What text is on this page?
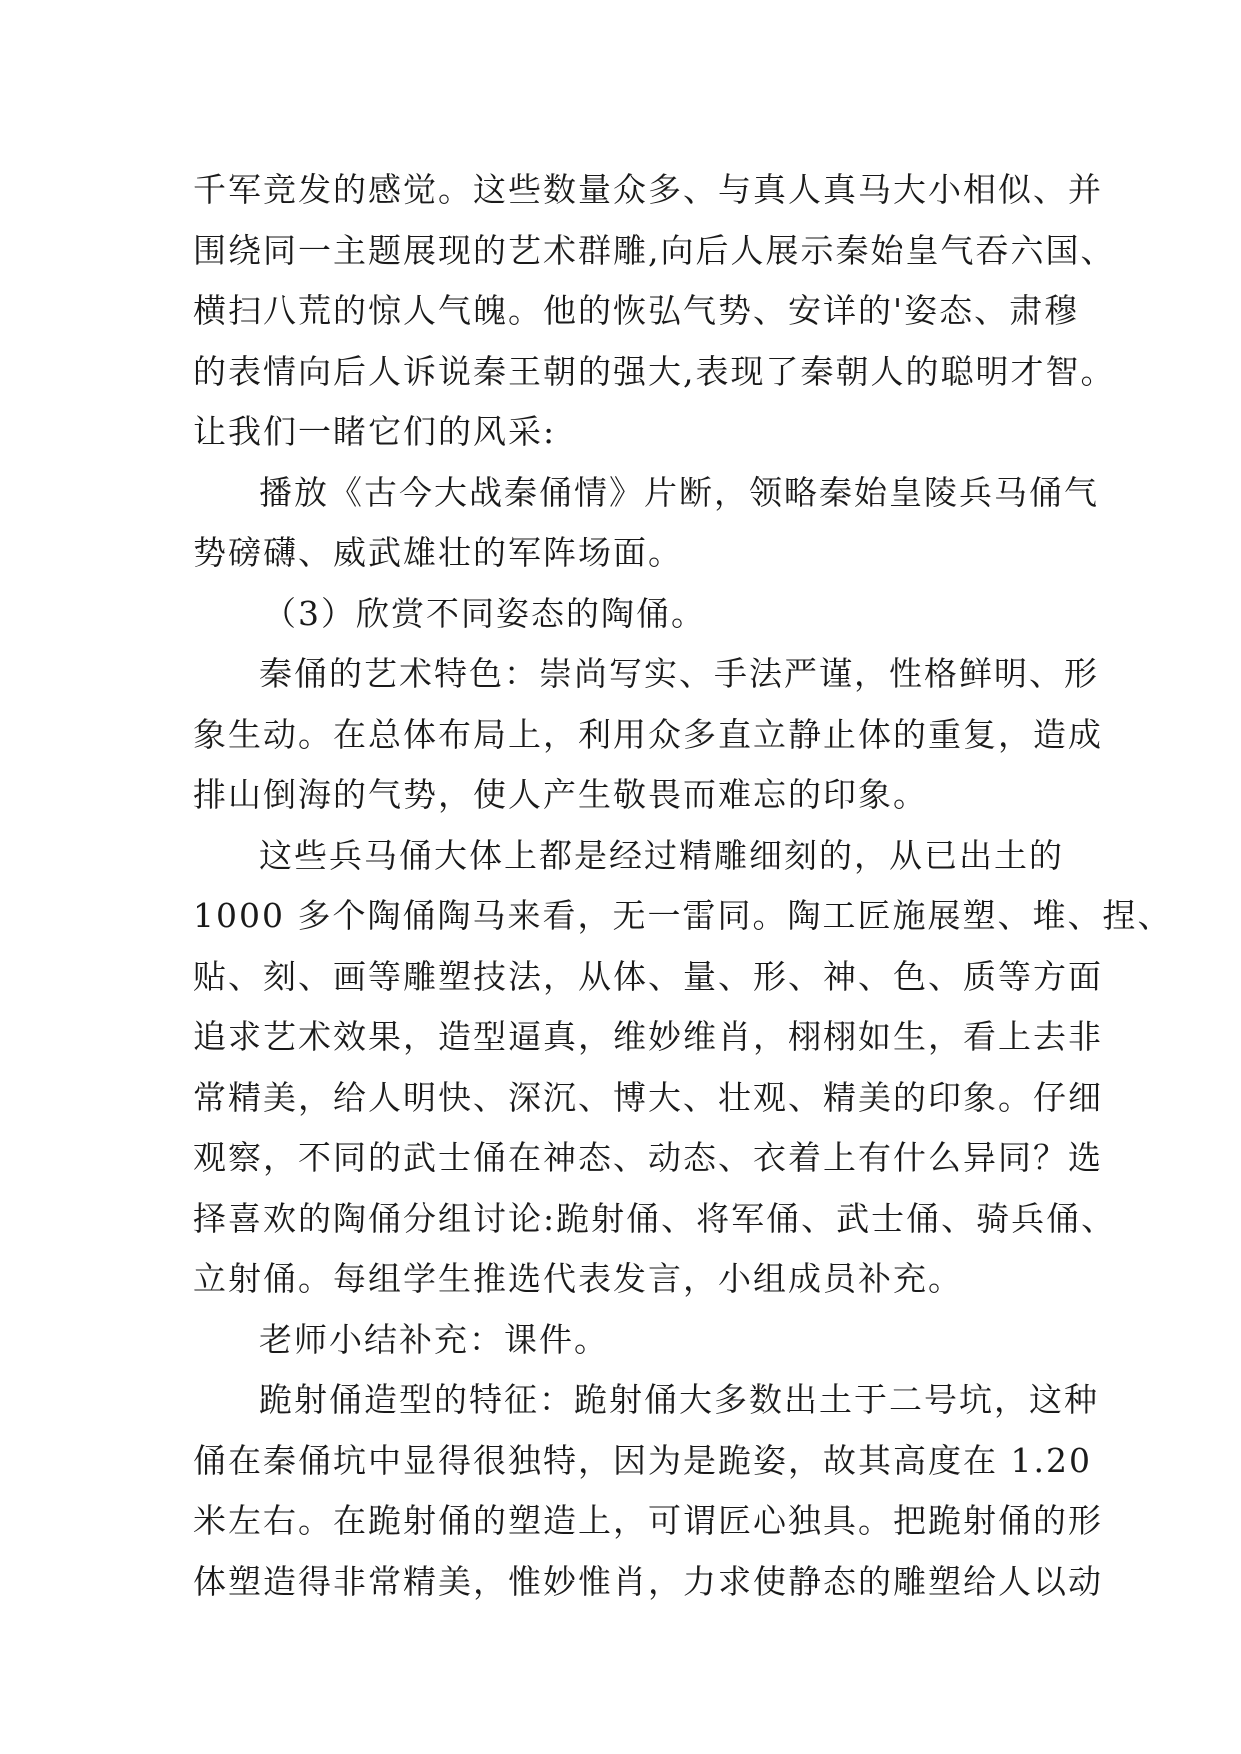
千军竞发的感觉。这些数量众多、与真人真马大小相似、并
围绕同一主题展现的艺术群雕,向后人展示秦始皇气吞六国、
横扫八荒的惊人气魄。他的恢弘气势、安详的'姿态、肃穆
的表情向后人诉说秦王朝的强大,表现了秦朝人的聪明才智。
让我们一睹它们的风采:
播放《古今大战秦俑情》片断，领略秦始皇陵兵马俑气
势磅礴、威武雄壮的军阵场面。
（3）欣赏不同姿态的陶俑。
秦俑的艺术特色：崇尚写实、手法严谨，性格鲜明、形
象生动。在总体布局上，利用众多直立静止体的重复，造成
排山倒海的气势，使人产生敬畏而难忘的印象。
这些兵马俑大体上都是经过精雕细刻的，从已出土的
1000 多个陶俑陶马来看，无一雷同。陶工匠施展塑、堆、捏、
贴、刻、画等雕塑技法，从体、量、形、神、色、质等方面
追求艺术效果，造型逼真，维妙维肖，栩栩如生，看上去非
常精美，给人明快、深沉、博大、壮观、精美的印象。仔细
观察，不同的武士俑在神态、动态、衣着上有什么异同？选
择喜欢的陶俑分组讨论:跪射俑、将军俑、武士俑、骑兵俑、
立射俑。每组学生推选代表发言，小组成员补充。
老师小结补充：课件。
跪射俑造型的特征：跪射俑大多数出土于二号坑，这种
俑在秦俑坑中显得很独特，因为是跪姿，故其高度在 1.20
米左右。在跪射俑的塑造上，可谓匠心独具。把跪射俑的形
体塑造得非常精美，惟妙惟肖，力求使静态的雕塑给人以动
